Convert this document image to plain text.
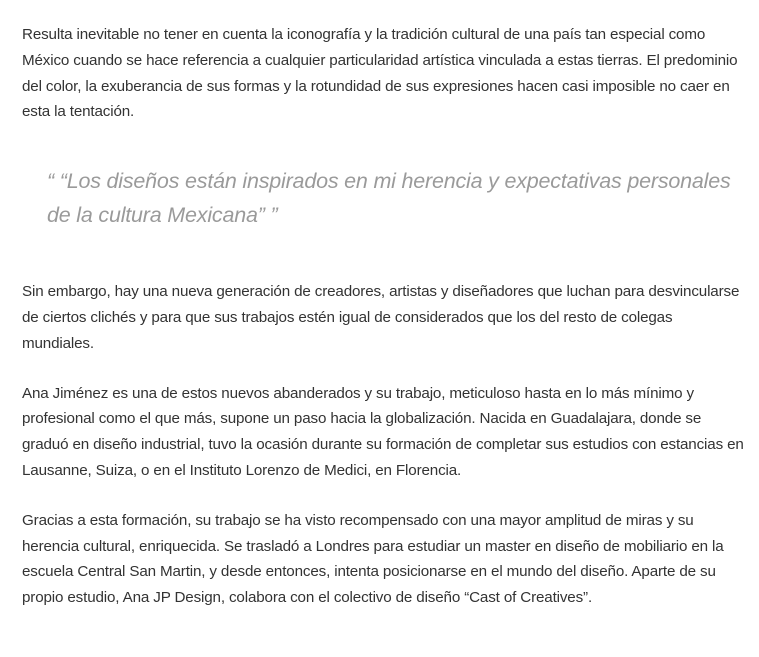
Resulta inevitable no tener en cuenta la iconografía y la tradición cultural de una país tan especial como México cuando se hace referencia a cualquier particularidad artística vinculada a estas tierras. El predominio del color, la exuberancia de sus formas y la rotundidad de sus expresiones hacen casi imposible no caer en esta la tentación.

“ “Los diseños están inspirados en mi herencia y expectativas personales de la cultura Mexicana” ”

Sin embargo, hay una nueva generación de creadores, artistas y diseñadores que luchan para desvincularse de ciertos clichés y para que sus trabajos estén igual de considerados que los del resto de colegas mundiales.

Ana Jiménez es una de estos nuevos abanderados y su trabajo, meticuloso hasta en lo más mínimo y profesional como el que más, supone un paso hacia la globalización. Nacida en Guadalajara, donde se graduó en diseño industrial, tuvo la ocasión durante su formación de completar sus estudios con estancias en Lausanne, Suiza, o en el Instituto Lorenzo de Medici, en Florencia.

Gracias a esta formación, su trabajo se ha visto recompensado con una mayor amplitud de miras y su herencia cultural, enriquecida. Se trasladó a Londres para estudiar un master en diseño de mobiliario en la escuela Central San Martin, y desde entonces, intenta posicionarse en el mundo del diseño. Aparte de su propio estudio, Ana JP Design, colabora con el colectivo de diseño “Cast of Creatives”.
